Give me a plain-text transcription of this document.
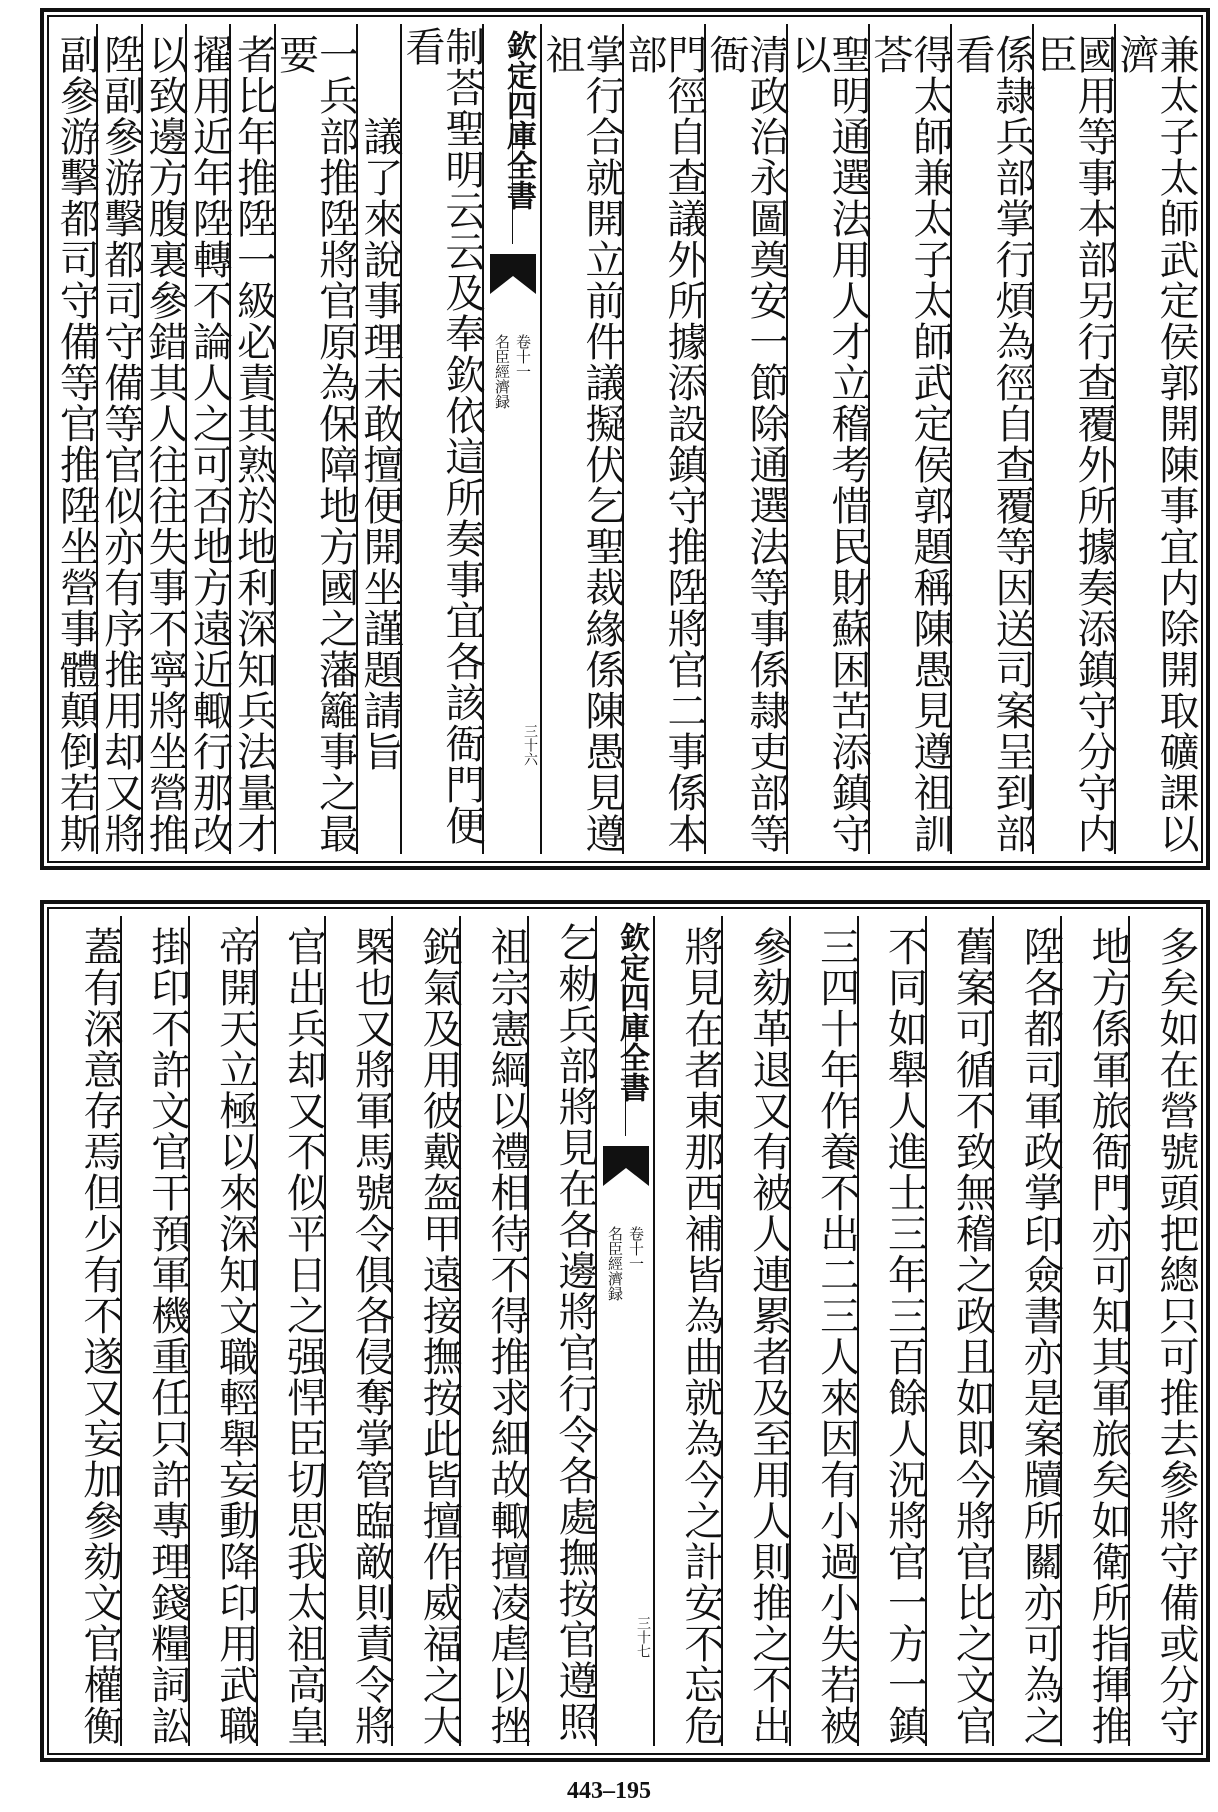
兼太子太師武定侯郭開陳事宜内除開取礦課以濟
國用等事本部另行查覆外所據奏添鎮守分守内臣
係隷兵部掌行煩為徑自查覆等因送司案呈到部看
得太師兼太子太師武定侯郭題稱陳愚見遵祖訓荅
聖明通選法用人才立稽考惜民財蘇困苦添鎮守以
清政治永圖奠安一節除通選法等事係隷吏部等衙
門徑自查議外所據添設鎮守推陞將官二事係本部
掌行合就開立前件議擬伏乞聖裁緣係陳愚見遵祖
欽定四庫全書
名臣經濟録 卷十一
三十六
制荅聖明云云及奉欽依這所奏事宜各該衙門便看
議了來說事理未敢擅便開坐謹題請旨
一兵部推陞將官原為保障地方國之藩籬事之最要
者比年推陞一級必責其熟於地利深知兵法量才
擢用近年陞轉不論人之可否地方遠近輙行那改
以致邊方腹裏參錯其人往往失事不寧將坐營推
陞副參游擊都司守備等官似亦有序推用却又將
副參游擊都司守備等官推陞坐營事體顛倒若斯
多矣如在營號頭把總只可推去參將守備或分守
地方係軍旅衙門亦可知其軍旅矣如衛所指揮推
陞各都司軍政掌印僉書亦是案牘所關亦可為之
舊案可循不致無稽之政且如即今將官比之文官
不同如舉人進士三年三百餘人況將官一方一鎮
三四十年作養不出二三人來因有小過小失若被
參劾革退又有被人連累者及至用人則推之不出
將見在者東那西補皆為曲就為今之計安不忘危
欽定四庫全書
名臣經濟録 卷十一
三十七
乞勑兵部將見在各邊將官行令各處撫按官遵照
祖宗憲綱以禮相待不得推求細故輙擅凌虐以挫
鋭氣及用彼戴盔甲遠接撫按此皆擅作威福之大
槩也又將軍馬號令俱各侵奪掌管臨敵則責令將
官出兵却又不似平日之强悍臣切思我太祖高皇
帝開天立極以來深知文職輕舉妄動降印用武職
掛印不許文官干預軍機重任只許專理錢糧詞訟
蓋有深意存焉但少有不遂又妄加參劾文官權衡
443–195
